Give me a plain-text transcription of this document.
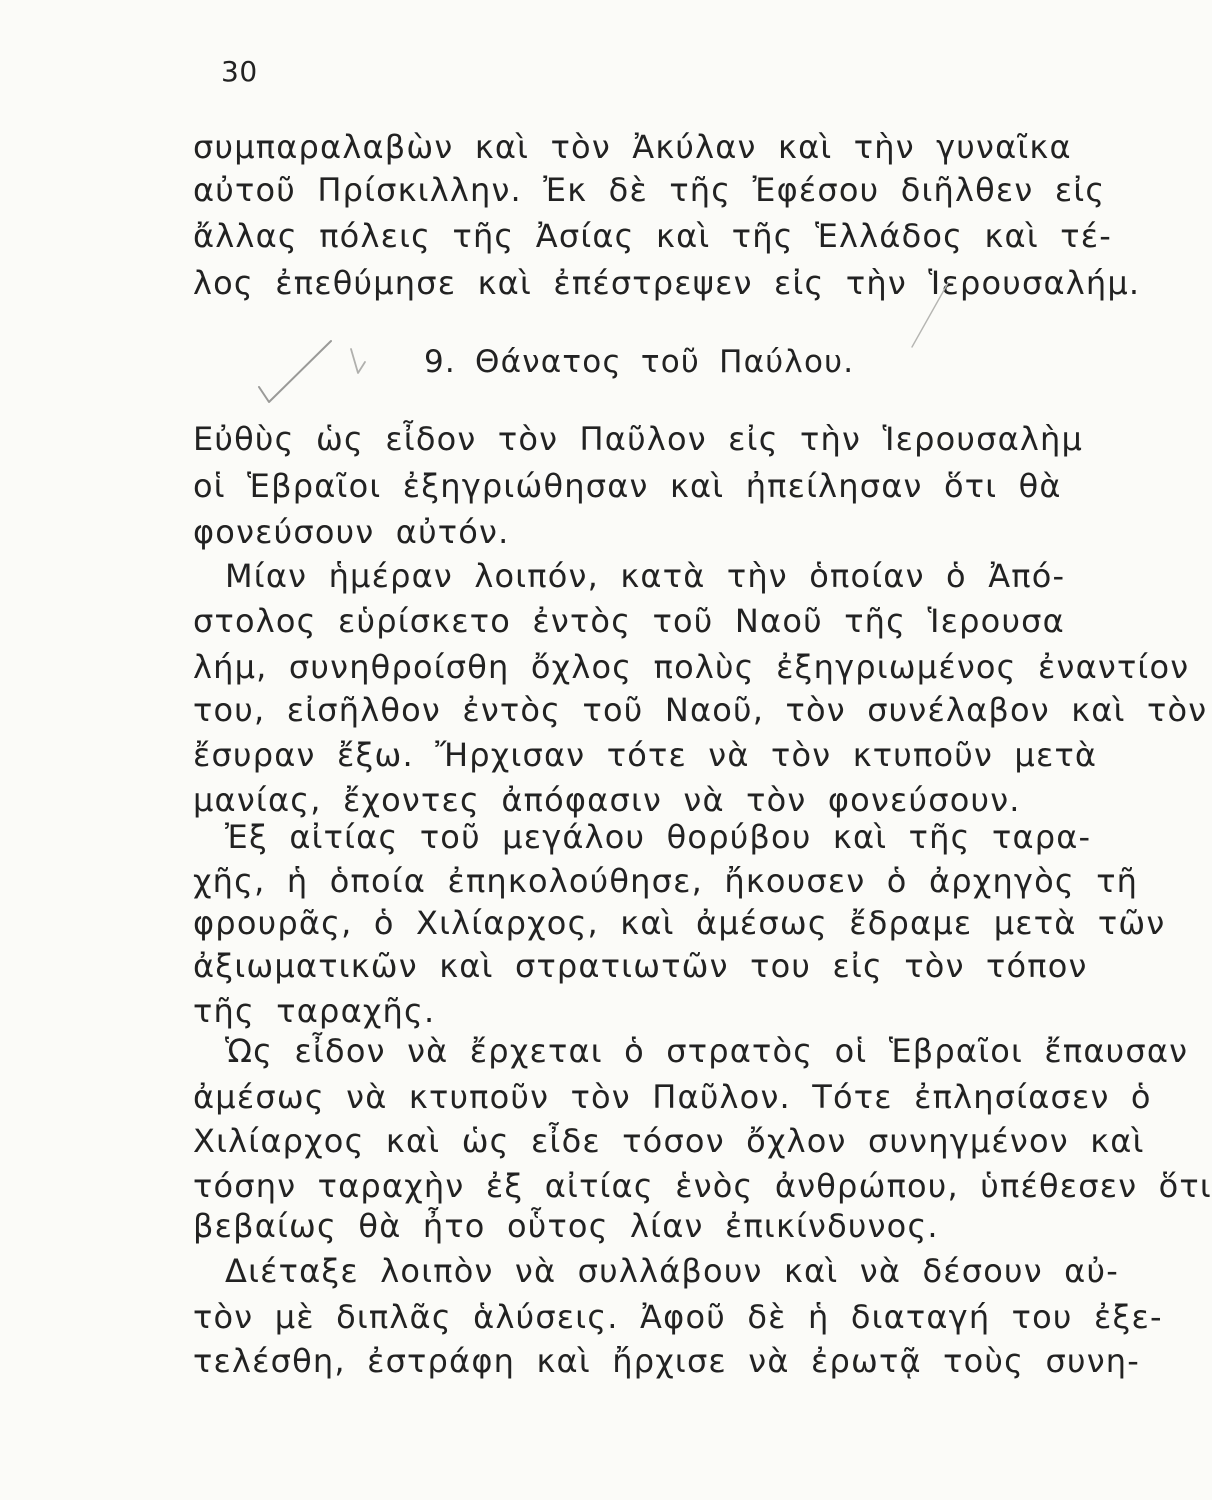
30
συμπαραλαβὼν καὶ τὸν Ἀκύλαν καὶ τὴν γυναῖκα
αὐτοῦ Πρίσκιλλην. Ἐκ δὲ τῆς Ἐφέσου διῆλθεν εἰς
ἄλλας πόλεις τῆς Ἀσίας καὶ τῆς Ἑλλάδος καὶ τέ-
λος ἐπεθύμησε καὶ ἐπέστρεψεν εἰς τὴν Ἱερουσαλήμ.
9. Θάνατος τοῦ Παύλου.
Εὐθὺς ὡς εἶδον τὸν Παῦλον εἰς τὴν Ἱερουσαλὴμ
οἱ Ἑβραῖοι ἐξηγριώθησαν καὶ ἠπείλησαν ὅτι θὰ
φονεύσουν αὐτόν.
Μίαν ἡμέραν λοιπόν, κατὰ τὴν ὁποίαν ὁ Ἀπό-
στολος εὑρίσκετο ἐντὸς τοῦ Ναοῦ τῆς Ἱερουσα
λήμ, συνηθροίσθη ὄχλος πολὺς ἐξηγριωμένος ἐναντίον
του, εἰσῆλθον ἐντὸς τοῦ Ναοῦ, τὸν συνέλαβον καὶ τὸν
ἔσυραν ἔξω. Ἤρχισαν τότε νὰ τὸν κτυποῦν μετὰ
μανίας, ἔχοντες ἀπόφασιν νὰ τὸν φονεύσουν.
Ἐξ αἰτίας τοῦ μεγάλου θορύβου καὶ τῆς ταρα-
χῆς, ἡ ὁποία ἐπηκολούθησε, ἤκουσεν ὁ ἀρχηγὸς τῆ
φρουρᾶς, ὁ Χιλίαρχος, καὶ ἀμέσως ἔδραμε μετὰ τῶν
ἀξιωματικῶν καὶ στρατιωτῶν του εἰς τὸν τόπον
τῆς ταραχῆς.
Ὡς εἶδον νὰ ἔρχεται ὁ στρατὸς οἱ Ἑβραῖοι ἔπαυσαν
ἀμέσως νὰ κτυποῦν τὸν Παῦλον. Τότε ἐπλησίασεν ὁ
Χιλίαρχος καὶ ὡς εἶδε τόσον ὄχλον συνηγμένον καὶ
τόσην ταραχὴν ἐξ αἰτίας ἑνὸς ἀνθρώπου, ὑπέθεσεν ὅτι
βεβαίως θὰ ἦτο οὗτος λίαν ἐπικίνδυνος.
Διέταξε λοιπὸν νὰ συλλάβουν καὶ νὰ δέσουν αὐ-
τὸν μὲ διπλᾶς ἁλύσεις. Ἀφοῦ δὲ ἡ διαταγή του ἐξε-
τελέσθη, ἐστράφη καὶ ἤρχισε νὰ ἐρωτᾷ τοὺς συνη-
